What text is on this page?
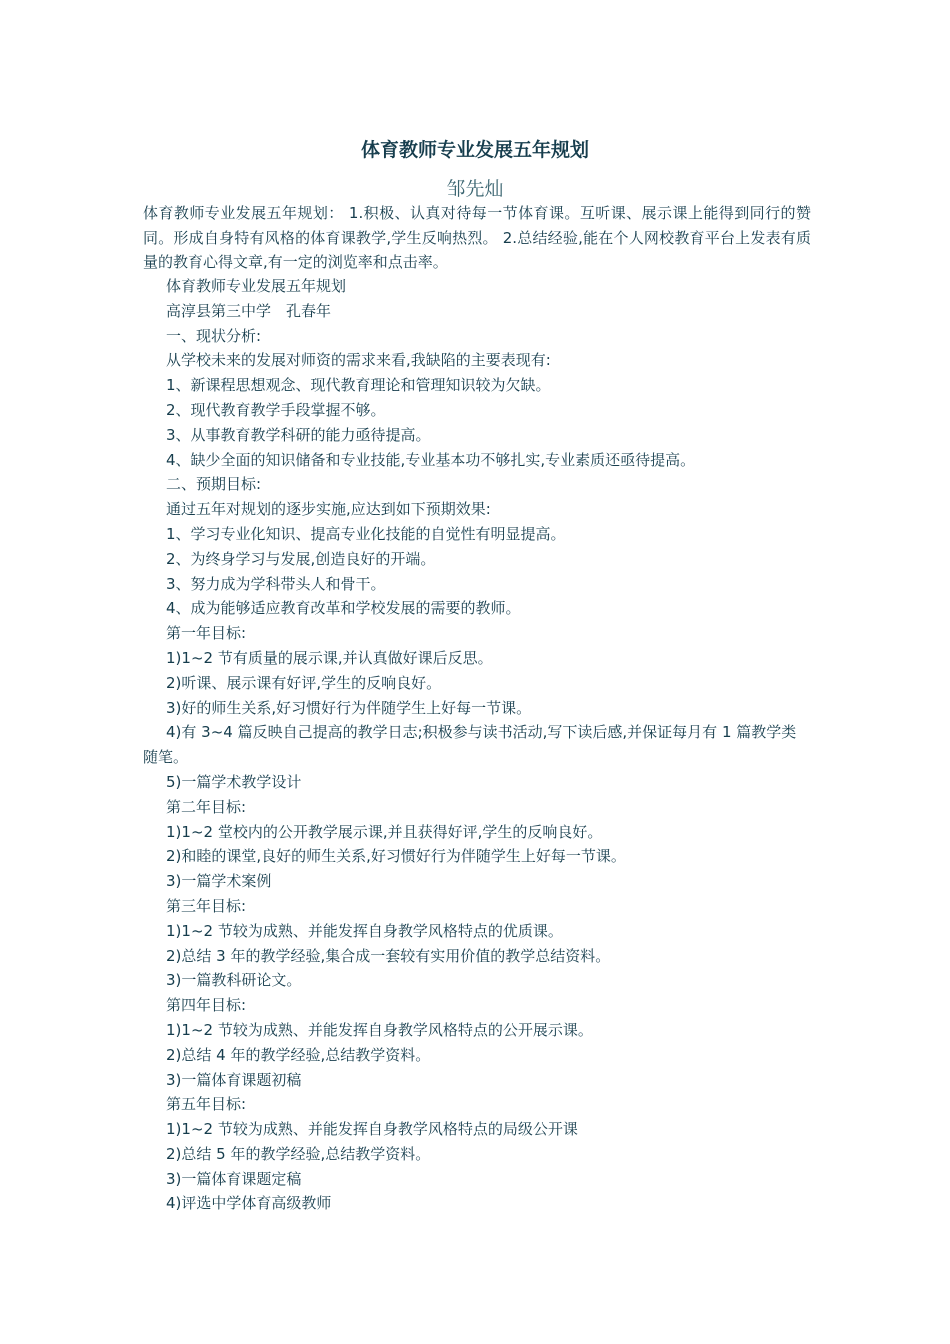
体育教师专业发展五年规划
邹先灿

体育教师专业发展五年规划： 1.积极、认真对待每一节体育课。互听课、展示课上能得到同行的赞同。形成自身特有风格的体育课教学,学生反响热烈。 2.总结经验,能在个人网校教育平台上发表有质量的教育心得文章,有一定的浏览率和点击率。

体育教师专业发展五年规划

高淳县第三中学　孔春年

一、现状分析:

从学校未来的发展对师资的需求来看,我缺陷的主要表现有:

1、新课程思想观念、现代教育理论和管理知识较为欠缺。

2、现代教育教学手段掌握不够。

3、从事教育教学科研的能力亟待提高。

4、缺少全面的知识储备和专业技能,专业基本功不够扎实,专业素质还亟待提高。

二、预期目标:

通过五年对规划的逐步实施,应达到如下预期效果:

1、学习专业化知识、提高专业化技能的自觉性有明显提高。

2、为终身学习与发展,创造良好的开端。

3、努力成为学科带头人和骨干。

4、成为能够适应教育改革和学校发展的需要的教师。

第一年目标:

1)1~2 节有质量的展示课,并认真做好课后反思。

2)听课、展示课有好评,学生的反响良好。

3)好的师生关系,好习惯好行为伴随学生上好每一节课。

4)有 3~4 篇反映自己提高的教学日志;积极参与读书活动,写下读后感,并保证每月有 1 篇教学类随笔。

5)一篇学术教学设计

第二年目标:

1)1~2 堂校内的公开教学展示课,并且获得好评,学生的反响良好。

2)和睦的课堂,良好的师生关系,好习惯好行为伴随学生上好每一节课。

3)一篇学术案例

第三年目标:

1)1~2 节较为成熟、并能发挥自身教学风格特点的优质课。

2)总结 3 年的教学经验,集合成一套较有实用价值的教学总结资料。

3)一篇教科研论文。

第四年目标:

1)1~2 节较为成熟、并能发挥自身教学风格特点的公开展示课。

2)总结 4 年的教学经验,总结教学资料。

3)一篇体育课题初稿

第五年目标:

1)1~2 节较为成熟、并能发挥自身教学风格特点的局级公开课

2)总结 5 年的教学经验,总结教学资料。

3)一篇体育课题定稿

4)评选中学体育高级教师
